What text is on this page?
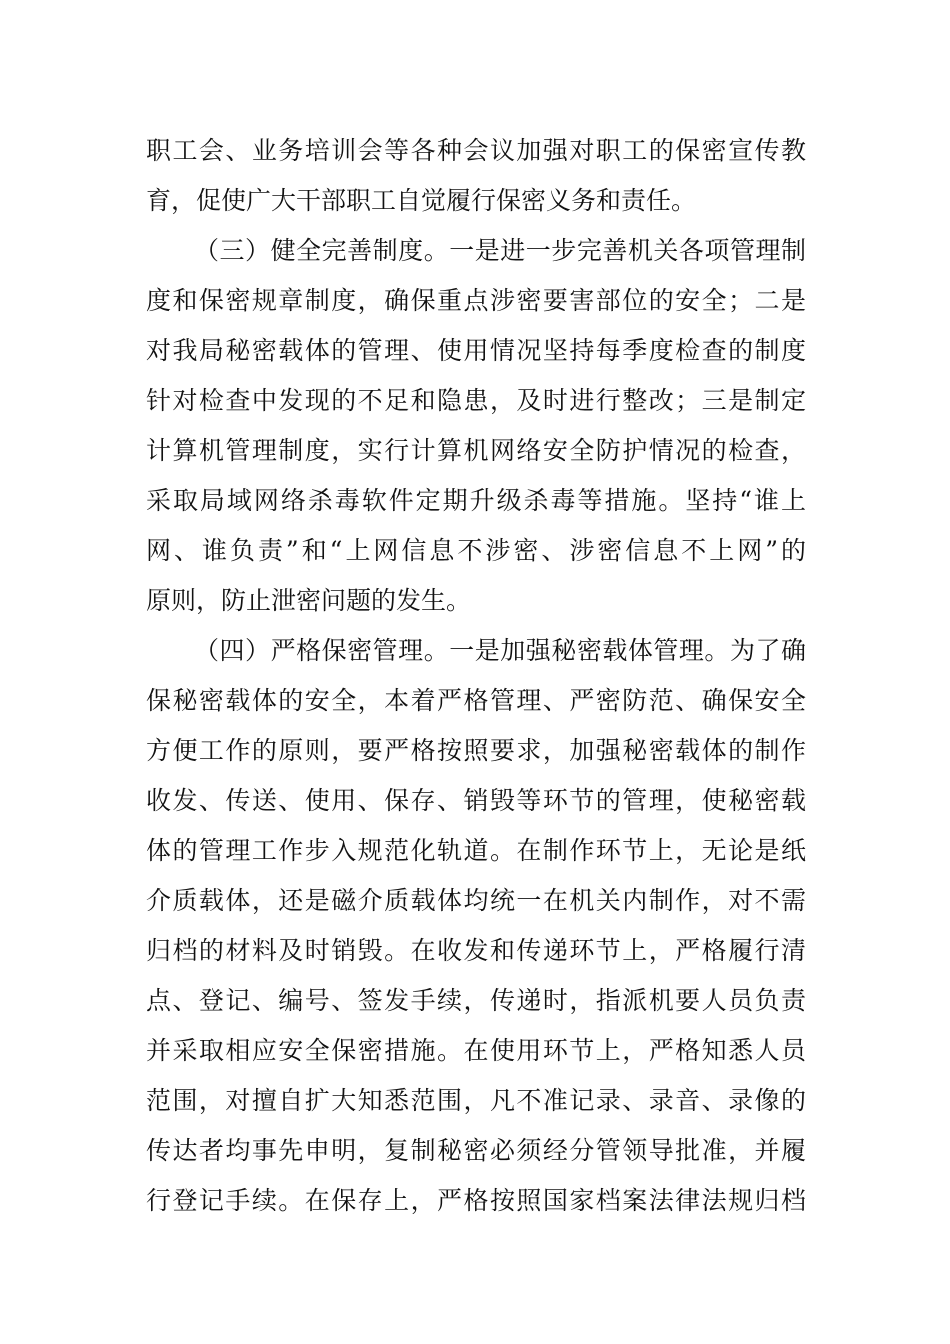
职工会、业务培训会等各种会议加强对职工的保密宣传教
育，促使广大干部职工自觉履行保密义务和责任。
（三）健全完善制度。一是进一步完善机关各项管理制
度和保密规章制度，确保重点涉密要害部位的安全；二是
对我局秘密载体的管理、使用情况坚持每季度检查的制度
针对检查中发现的不足和隐患，及时进行整改；三是制定
计算机管理制度，实行计算机网络安全防护情况的检查，
采取局域网络杀毒软件定期升级杀毒等措施。坚持“谁上
网、谁负责”和“上网信息不涉密、涉密信息不上网”的
原则，防止泄密问题的发生。
（四）严格保密管理。一是加强秘密载体管理。为了确
保秘密载体的安全，本着严格管理、严密防范、确保安全
方便工作的原则，要严格按照要求，加强秘密载体的制作
收发、传送、使用、保存、销毁等环节的管理，使秘密载
体的管理工作步入规范化轨道。在制作环节上，无论是纸
介质载体，还是磁介质载体均统一在机关内制作，对不需
归档的材料及时销毁。在收发和传递环节上，严格履行清
点、登记、编号、签发手续，传递时，指派机要人员负责
并采取相应安全保密措施。在使用环节上，严格知悉人员
范围，对擅自扩大知悉范围，凡不准记录、录音、录像的
传达者均事先申明，复制秘密必须经分管领导批准，并履
行登记手续。在保存上，严格按照国家档案法律法规归档
